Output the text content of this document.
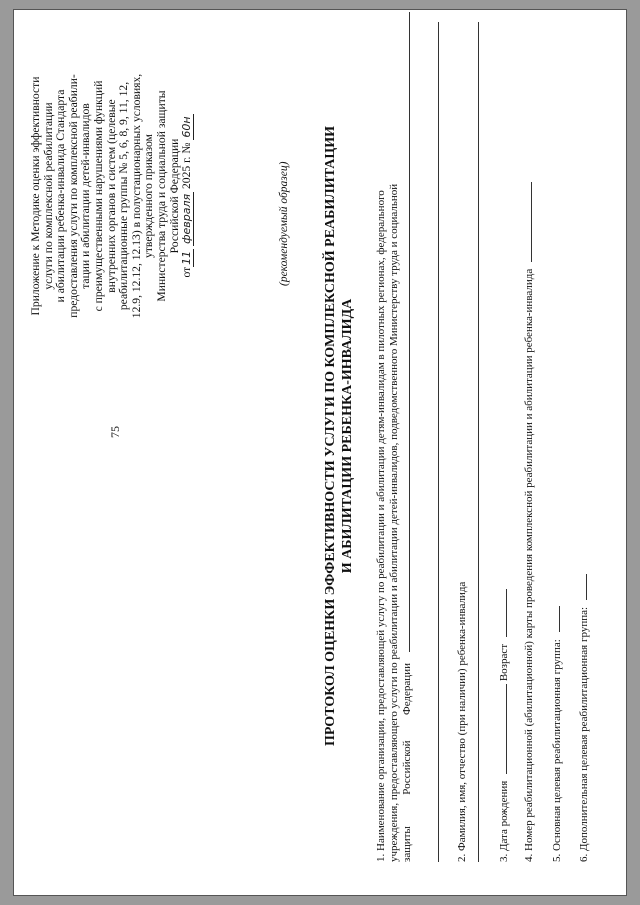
75
Приложение к Методике оценки эффективности услуги по комплексной реабилитации и абилитации ребенка-инвалида Стандарта предоставления услуги по комплексной реабили- тации и абилитации детей-инвалидов с преимущественными нарушениями функций внутренних органов и систем (целевые реабилитационные группы № 5, 6, 8, 9, 11, 12, 12.9, 12.12, 12.13) в полустационарных условиях, утвержденного приказом Министерства труда и социальной защиты Российской Федерации
от11 февраля 2025 г. № 60н
(рекомендуемый образец) ПРОТОКОЛ ОЦЕНКИ ЭФФЕКТИВНОСТИ УСЛУГИ ПО КОМПЛЕКСНОЙ РЕАБИЛИТАЦИИ И АБИЛИТАЦИИ РЕБЕНКА-ИНВАЛИДА 1. Наименование организации, предоставляющей услугу по реабилитации и абилитации детям-инвалидам в пилотных регионах, федерального учреждения, предоставляющего услуги по реабилитации и абилитации детей-инвалидов, подведомственного Министерству труда и социальной защиты  Российской  Федерации	2. Фамилия, имя, отчество (при наличии) ребенка-инвалида	3. Дата рождения  Возраст 4. Номер реабилитационной (абилитационной) карты проведения комплексной реабилитации и абилитации ребенка-инвалида 5. Основная целевая реабилитационная группа: 6. Дополнительная целевая реабилитационная группа:
